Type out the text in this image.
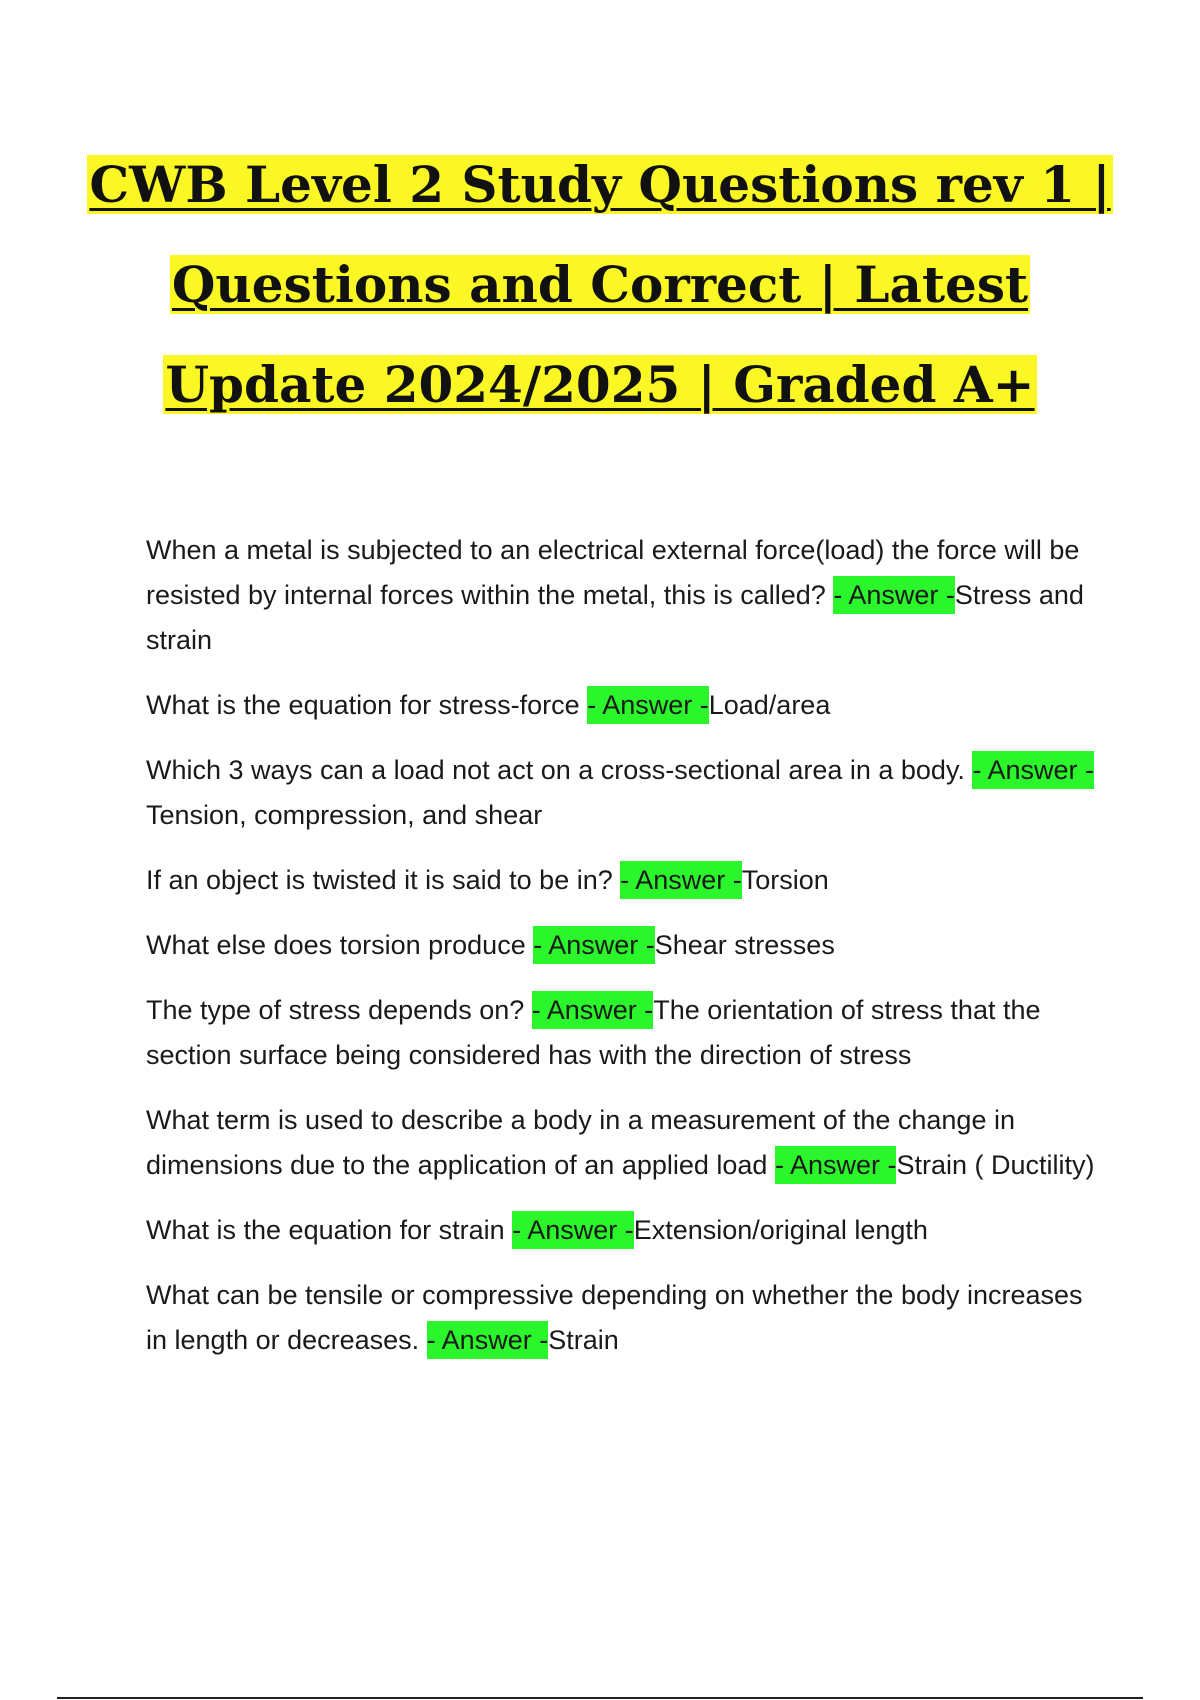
CWB Level 2 Study Questions rev 1 |
Questions and Correct | Latest
Update 2024/2025 | Graded A+

When a metal is subjected to an electrical external force(load) the force will be resisted by internal forces within the metal, this is called? - Answer -Stress and strain

What is the equation for stress-force - Answer -Load/area

Which 3 ways can a load not act on a cross-sectional area in a body. - Answer -Tension, compression, and shear

If an object is twisted it is said to be in? - Answer -Torsion

What else does torsion produce - Answer -Shear stresses

The type of stress depends on? - Answer -The orientation of stress that the section surface being considered has with the direction of stress

What term is used to describe a body in a measurement of the change in dimensions due to the application of an applied load - Answer -Strain ( Ductility)

What is the equation for strain - Answer -Extension/original length

What can be tensile or compressive depending on whether the body increases in length or decreases. - Answer -Strain
